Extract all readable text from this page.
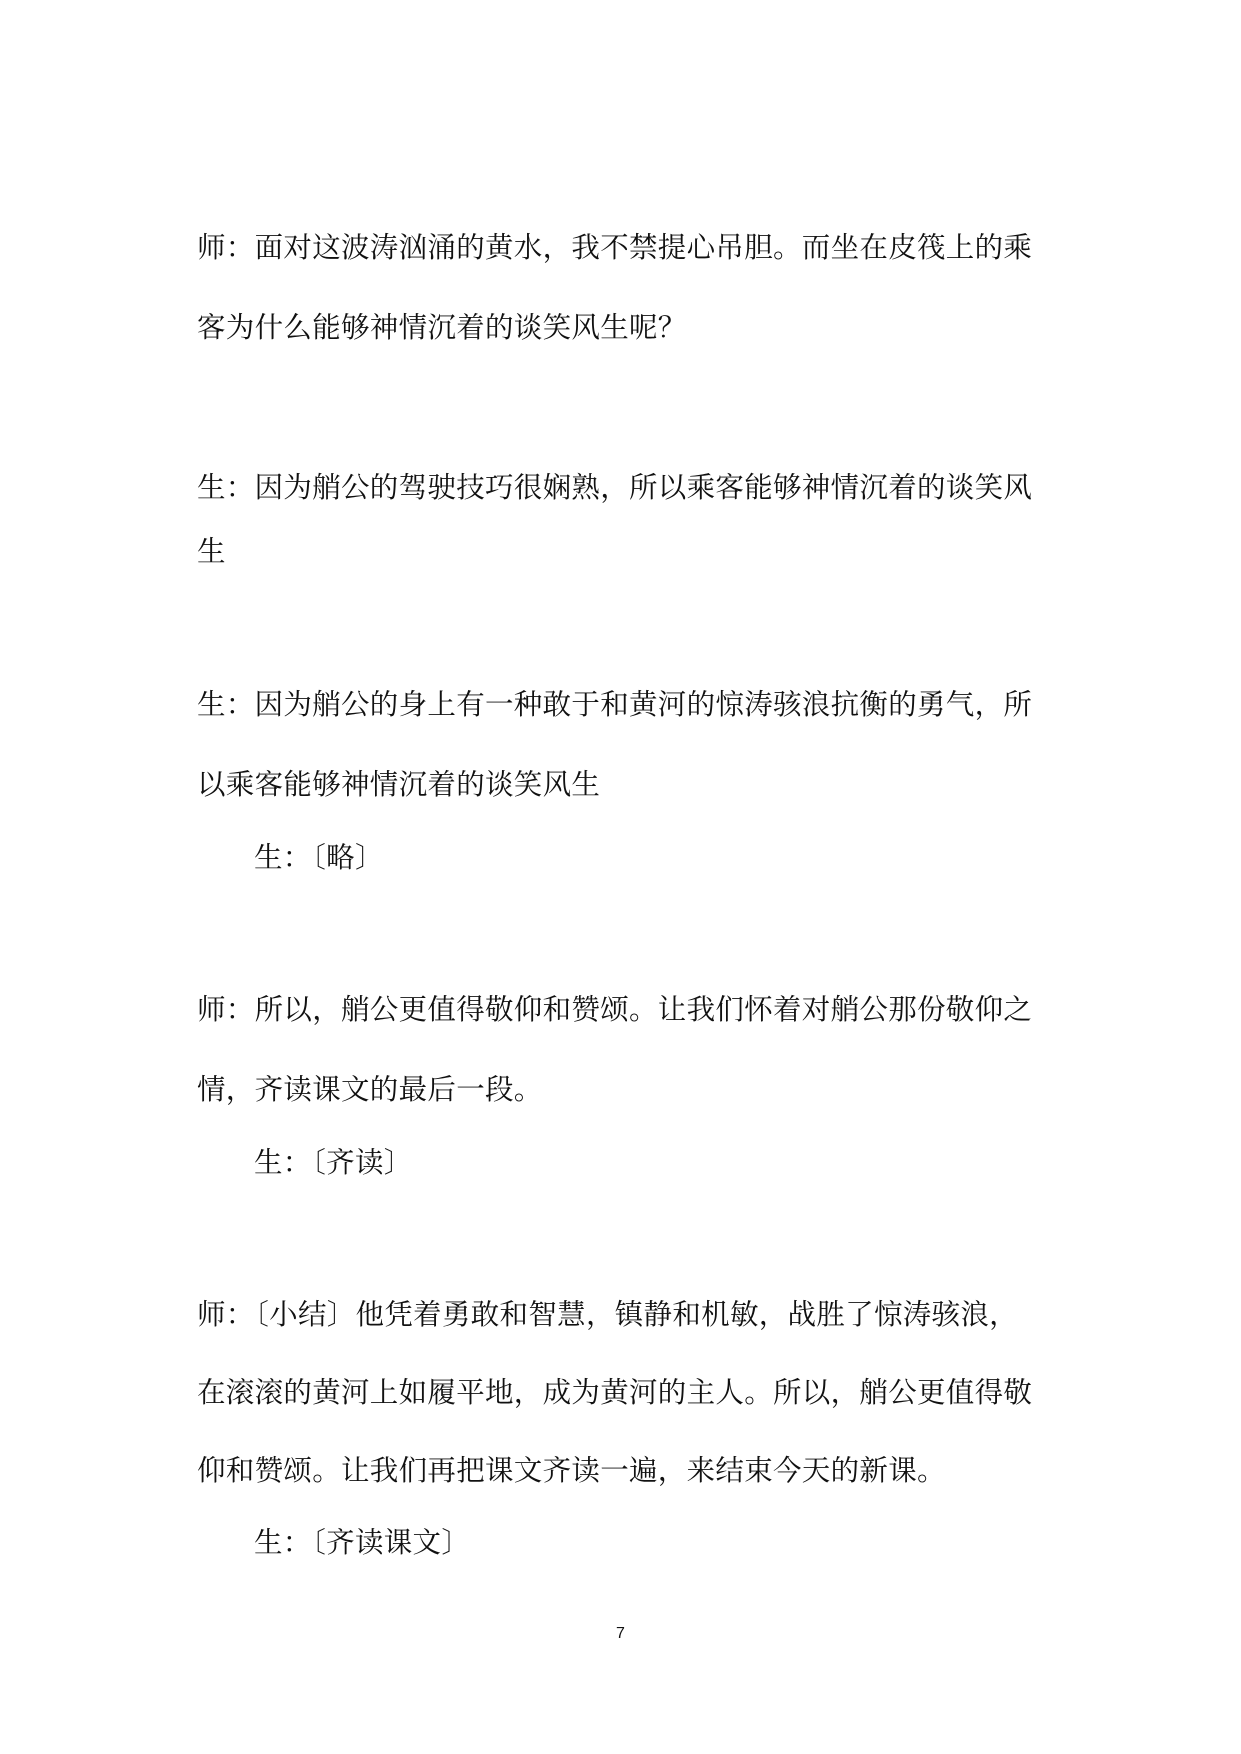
师：面对这波涛汹涌的黄水，我不禁提心吊胆。而坐在皮筏上的乘
客为什么能够神情沉着的谈笑风生呢？
生：因为艄公的驾驶技巧很娴熟，所以乘客能够神情沉着的谈笑风
生
生：因为艄公的身上有一种敢于和黄河的惊涛骇浪抗衡的勇气，所
以乘客能够神情沉着的谈笑风生
生：〔略〕
师：所以，艄公更值得敬仰和赞颂。让我们怀着对艄公那份敬仰之
情，齐读课文的最后一段。
生：〔齐读〕
师：〔小结〕他凭着勇敢和智慧，镇静和机敏，战胜了惊涛骇浪，
在滚滚的黄河上如履平地，成为黄河的主人。所以，艄公更值得敬
仰和赞颂。让我们再把课文齐读一遍，来结束今天的新课。
生：〔齐读课文〕
7
